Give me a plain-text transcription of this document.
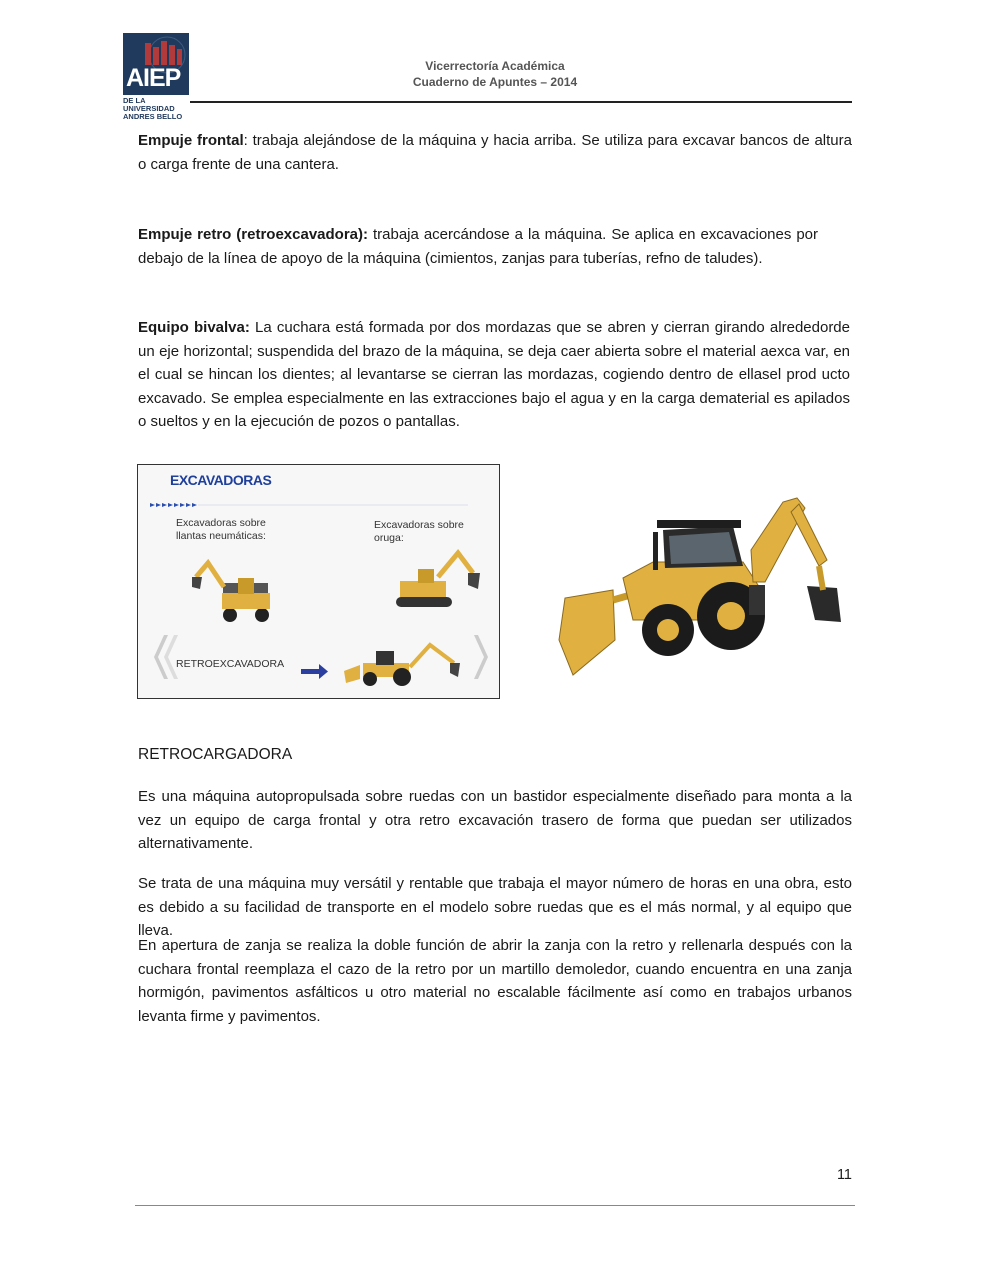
AIEP
DE LA UNIVERSIDAD
ANDRES BELLO
Vicerrectoría Académica
Cuaderno de Apuntes – 2014
Empuje frontal: trabaja alejándose de la máquina y hacia arriba. Se utiliza para excavar bancos de altura o carga frente de una cantera.
Empuje retro (retroexcavadora): trabaja acercándose a la máquina. Se aplica en excavaciones por debajo de la línea de apoyo de la máquina (cimientos, zanjas para tuberías, refno de taludes).
Equipo bivalva: La cuchara está formada por dos mordazas que se abren y cierran girando alrededorde un eje horizontal; suspendida del brazo de la máquina, se deja caer abierta sobre el material aexca var, en el cual se hincan los dientes; al levantarse se cierran las mordazas, cogiendo dentro de ellasel prod ucto excavado. Se emplea especialmente en las extracciones bajo el agua y en la carga dematerial es apilados o sueltos y en la ejecución de pozos o pantallas.
EXCAVADORAS
Excavadoras sobre
llantas neumáticas:
Excavadoras sobre
oruga:
RETROEXCAVADORA
RETROCARGADORA
Es una máquina autopropulsada sobre ruedas con un bastidor especialmente diseñado para monta a la vez un equipo de carga frontal y otra retro excavación trasero de forma que puedan ser utilizados alternativamente.
Se trata de una máquina muy versátil y rentable que trabaja el mayor número de horas en una obra, esto es debido a su facilidad de transporte en el modelo sobre ruedas que es el más normal, y al equipo que lleva.
En apertura de zanja se realiza la doble función de abrir la zanja con la retro y rellenarla después con la cuchara frontal reemplaza el cazo de la retro por un martillo demoledor, cuando encuentra en una zanja hormigón, pavimentos asfálticos u otro material no escalable fácilmente así como en trabajos urbanos levanta firme y pavimentos.
11
